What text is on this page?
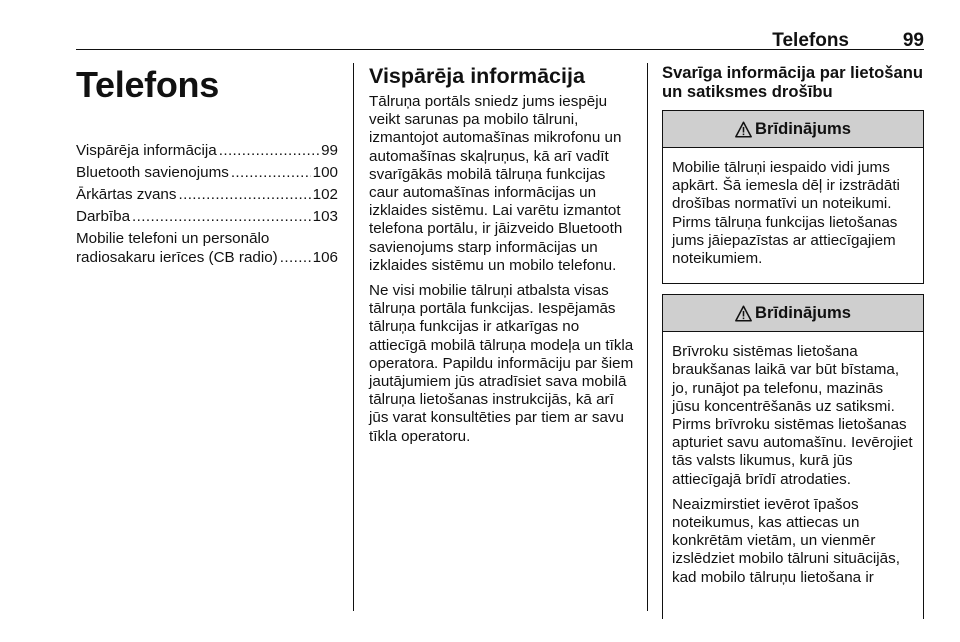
Telefons	99
Telefons
Vispārēja informācija .....	99
Bluetooth savienojums .....	100
Ārkārtas zvans .....	102
Darbība .....	103
Mobilie telefoni un personālo
radiosakaru ierīces (CB radio) ..... 106
Vispārēja informācija

Tālruņa portāls sniedz jums iespēju veikt sarunas pa mobilo tālruni, izmantojot automašīnas mikrofonu un automašīnas skaļruņus, kā arī vadīt svarīgākās mobilā tālruņa funkcijas caur automašīnas informācijas un izklaides sistēmu. Lai varētu izmantot telefona portālu, ir jāizveido Bluetooth savienojums starp informācijas un izklaides sistēmu un mobilo telefonu.

Ne visi mobilie tālruņi atbalsta visas tālruņa portāla funkcijas. Iespējamās tālruņa funkcijas ir atkarīgas no attiecīgā mobilā tālruņa modeļa un tīkla operatora. Papildu informāciju par šiem jautājumiem jūs atradīsiet sava mobilā tālruņa lietošanas instrukcijās, kā arī jūs varat konsultēties par tiem ar savu tīkla operatoru.

Svarīga informācija par lietošanu un satiksmes drošību
Brīdinājums

Mobilie tālruņi iespaido vidi jums apkārt. Šā iemesla dēļ ir izstrādāti drošības normatīvi un noteikumi. Pirms tālruņa funkcijas lietošanas jums jāiepazīstas ar attiecīgajiem noteikumiem.

Brīdinājums

Brīvroku sistēmas lietošana braukšanas laikā var būt bīstama, jo, runājot pa telefonu, mazinās jūsu koncentrēšanās uz satiksmi. Pirms brīvroku sistēmas lietošanas apturiet savu automašīnu. Ievērojiet tās valsts likumus, kurā jūs attiecīgajā brīdī atrodaties.

Neaizmirstiet ievērot īpašos noteikumus, kas attiecas un konkrētām vietām, un vienmēr izslēdziet mobilo tālruni situācijās, kad mobilo tālruņu lietošana ir
